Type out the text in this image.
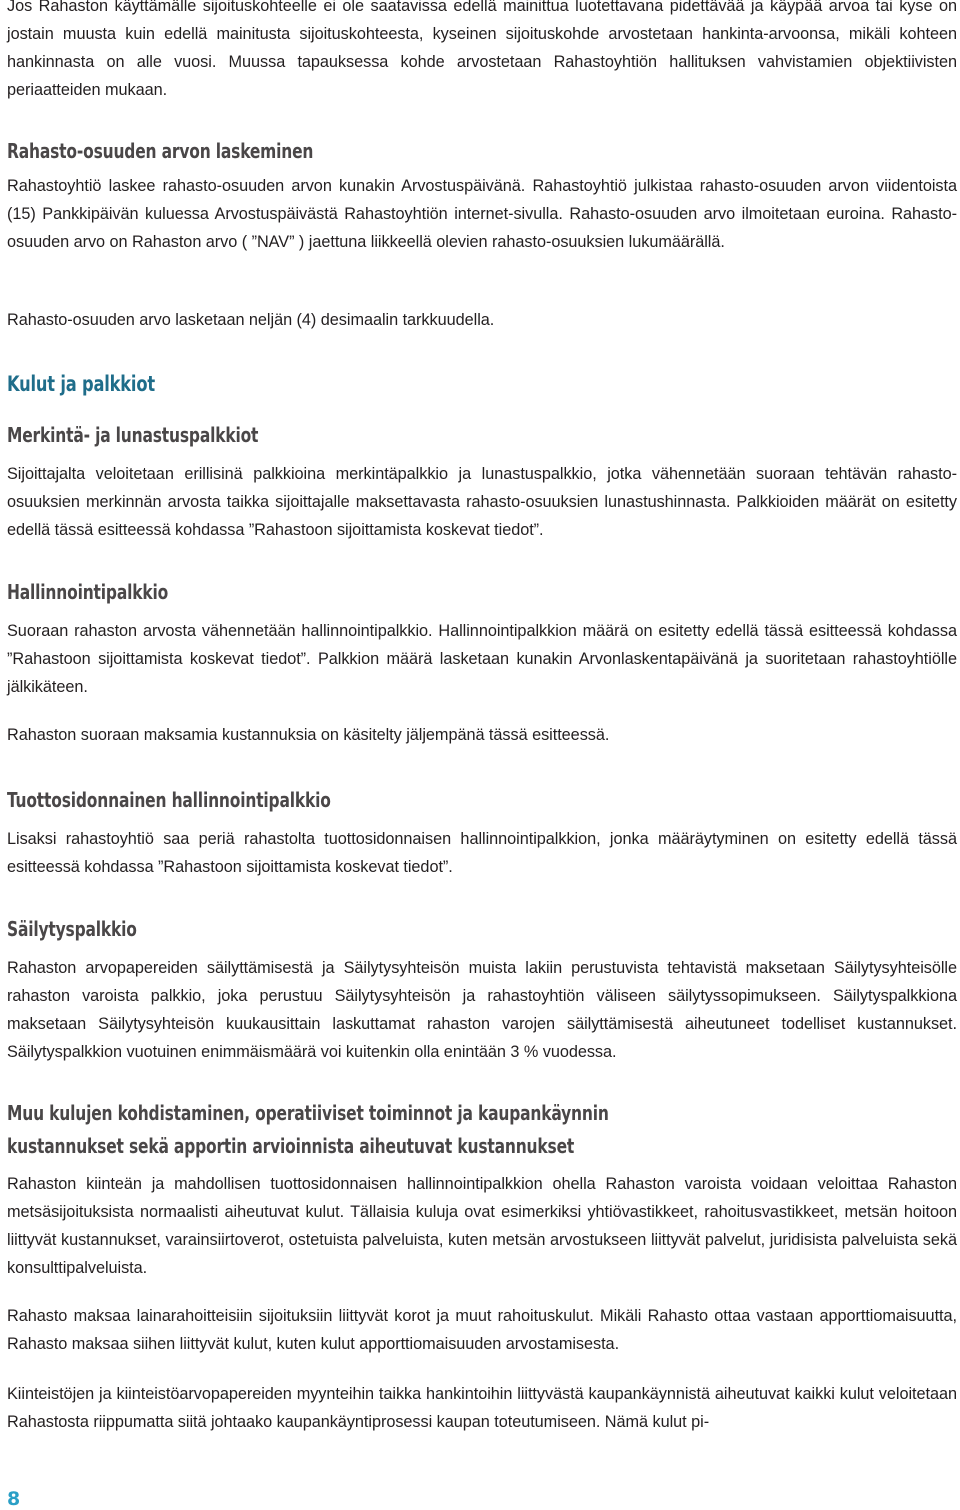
Jos Rahaston käyttämälle sijoituskohteelle ei ole saatavissa edellä mainittua luotettavana pidettävää ja käypää arvoa tai kyse on jostain muusta kuin edellä mainitusta sijoituskohteesta, kyseinen sijoituskohde arvostetaan hankinta-arvoonsa, mikäli kohteen hankinnasta on alle vuosi. Muussa tapauksessa kohde arvostetaan Rahastoyhtiön hallituksen vahvistamien objektiivisten periaatteiden mukaan.

Rahasto-osuuden arvon laskeminen

Rahastoyhtiö laskee rahasto-osuuden arvon kunakin Arvostuspäivänä. Rahastoyhtiö julkistaa rahasto-osuuden arvon viidentoista (15) Pankkipäivän kuluessa Arvostuspäivästä Rahastoyhtiön internet-sivulla. Rahasto-osuuden arvo ilmoitetaan euroina. Rahasto-osuuden arvo on Rahaston arvo ( ”NAV” ) jaettuna liikkeellä olevien rahasto-osuuksien lukumäärällä.

Rahasto-osuuden arvo lasketaan neljän (4) desimaalin tarkkuudella.

Kulut ja palkkiot
Merkintä- ja lunastuspalkkiot

Sijoittajalta veloitetaan erillisinä palkkioina merkintäpalkkio ja lunastuspalkkio, jotka vähennetään suoraan tehtävän rahasto-osuuksien merkinnän arvosta taikka sijoittajalle maksettavasta rahasto-osuuksien lunastushinnasta. Palkkioiden määrät on esitetty edellä tässä esitteessä kohdassa ”Rahastoon sijoittamista koskevat tiedot”.

Hallinnointipalkkio

Suoraan rahaston arvosta vähennetään hallinnointipalkkio. Hallinnointipalkkion määrä on esitetty edellä tässä esitteessä kohdassa ”Rahastoon sijoittamista koskevat tiedot”. Palkkion määrä lasketaan kunakin Arvonlaskentapäivänä ja suoritetaan rahastoyhtiölle jälkikäteen.

Rahaston suoraan maksamia kustannuksia on käsitelty jäljempänä tässä esitteessä.

Tuottosidonnainen hallinnointipalkkio

Lisaksi rahastoyhtiö saa periä rahastolta tuottosidonnaisen hallinnointipalkkion, jonka määräytyminen on esitetty edellä tässä esitteessä kohdassa ”Rahastoon sijoittamista koskevat tiedot”.

Säilytyspalkkio

Rahaston arvopapereiden säilyttämisestä ja Säilytysyhteisön muista lakiin perustuvista tehtavistä maksetaan Säilytysyhteisölle rahaston varoista palkkio, joka perustuu Säilytysyhteisön ja rahastoyhtiön väliseen säilytyssopimukseen. Säilytyspalkkiona maksetaan Säilytysyhteisön kuukausittain laskuttamat rahaston varojen säilyttämisestä aiheutuneet todelliset kustannukset. Säilytyspalkkion vuotuinen enimmäismäärä voi kuitenkin olla enintään 3 % vuodessa.

Muu kulujen kohdistaminen, operatiiviset toiminnot ja kaupankäynnin
kustannukset sekä apportin arvioinnista aiheutuvat kustannukset

Rahaston kiinteän ja mahdollisen tuottosidonnaisen hallinnointipalkkion ohella Rahaston varoista voidaan veloittaa Rahaston metsäsijoituksista normaalisti aiheutuvat kulut. Tällaisia kuluja ovat esimerkiksi yhtiövastikkeet, rahoitusvastikkeet, metsän hoitoon liittyvät kustannukset, varainsiirtoverot, ostetuista palveluista, kuten metsän arvostukseen liittyvät palvelut, juridisista palveluista sekä konsulttipalveluista.

Rahasto maksaa lainarahoitteisiin sijoituksiin liittyvät korot ja muut rahoituskulut. Mikäli Rahasto ottaa vastaan apporttiomaisuutta, Rahasto maksaa siihen liittyvät kulut, kuten kulut apporttiomaisuuden arvostamisesta.

Kiinteistöjen ja kiinteistöarvopapereiden myynteihin taikka hankintoihin liittyvästä kaupankäynnistä aiheutuvat kaikki kulut veloitetaan Rahastosta riippumatta siitä johtaako kaupankäyntiprosessi kaupan toteutumiseen. Nämä kulut pi-

8
